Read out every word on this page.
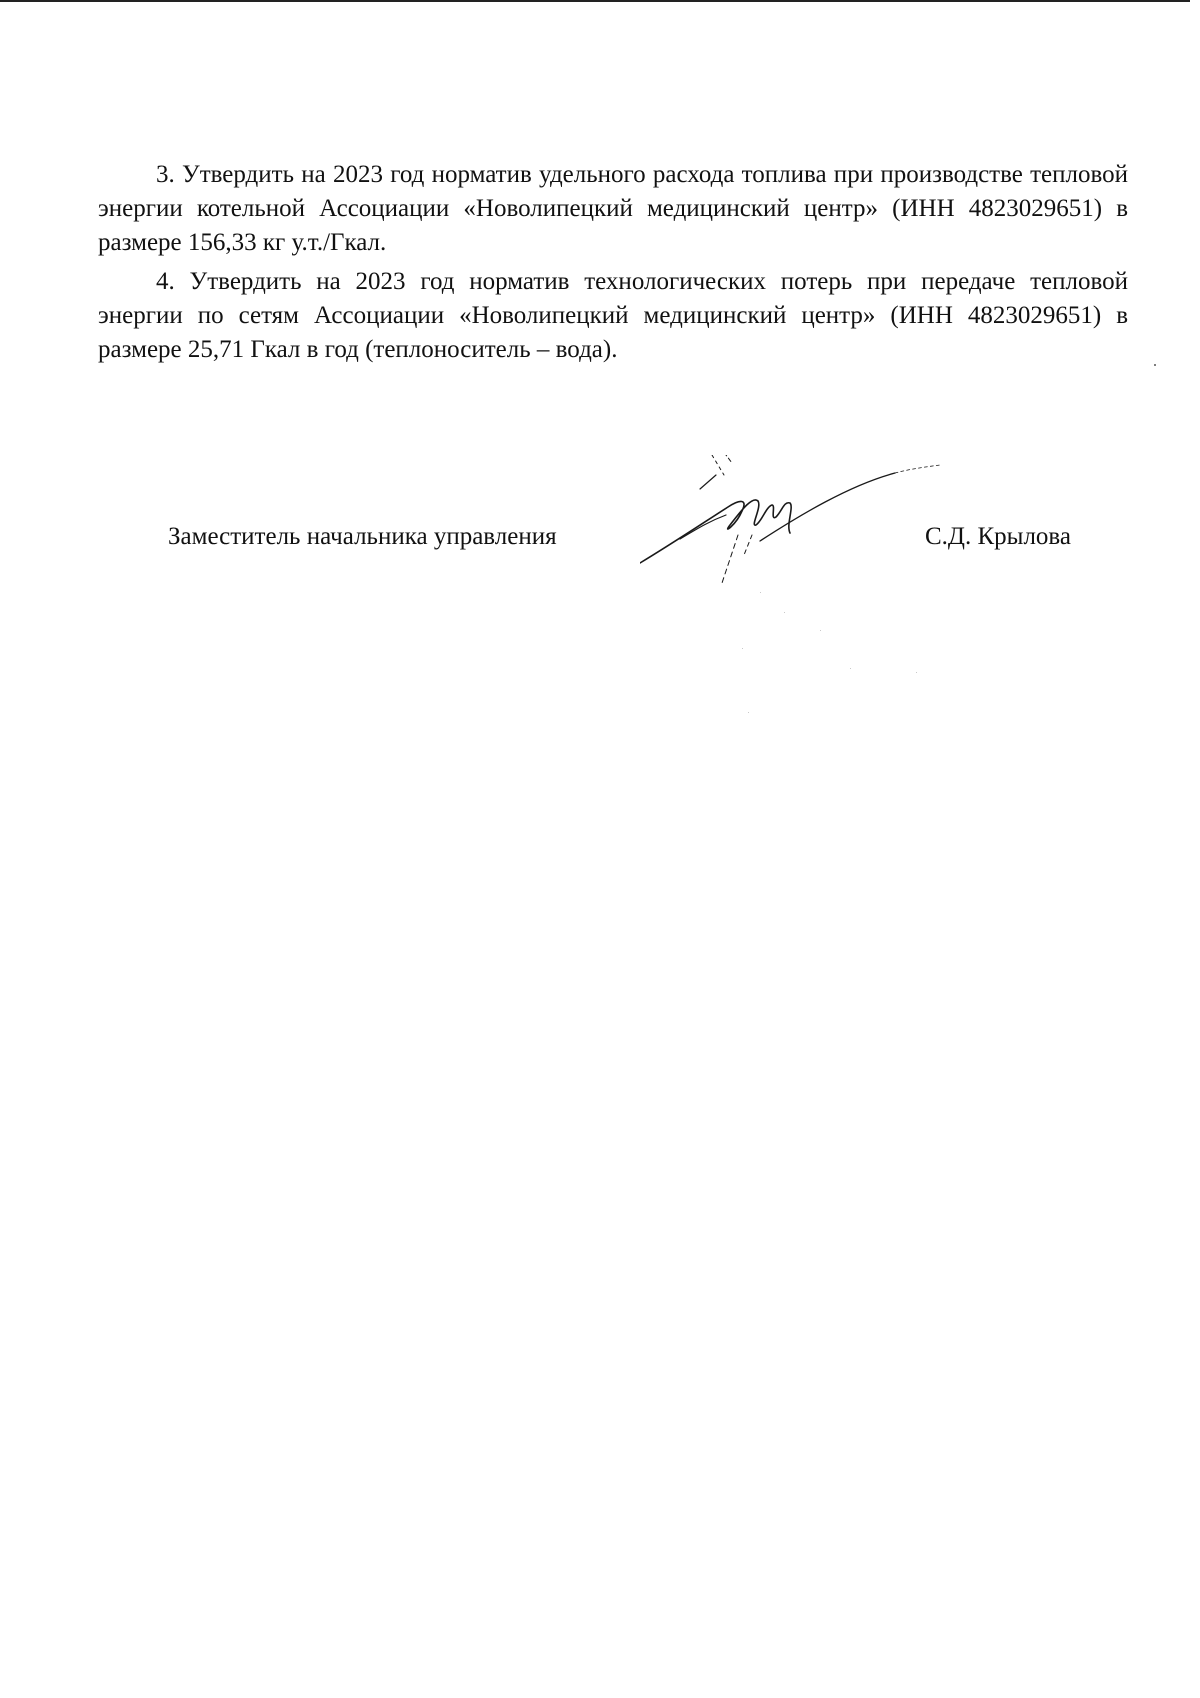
3. Утвердить на 2023 год норматив удельного расхода топлива при производстве тепловой энергии котельной Ассоциации «Новолипецкий медицинский центр» (ИНН 4823029651) в размере 156,33 кг у.т./Гкал.

4. Утвердить на 2023 год норматив технологических потерь при передаче тепловой энергии по сетям Ассоциации «Новолипецкий медицинский центр» (ИНН 4823029651) в размере 25,71 Гкал в год (теплоноситель – вода).

Заместитель начальника управления	С.Д. Крылова
